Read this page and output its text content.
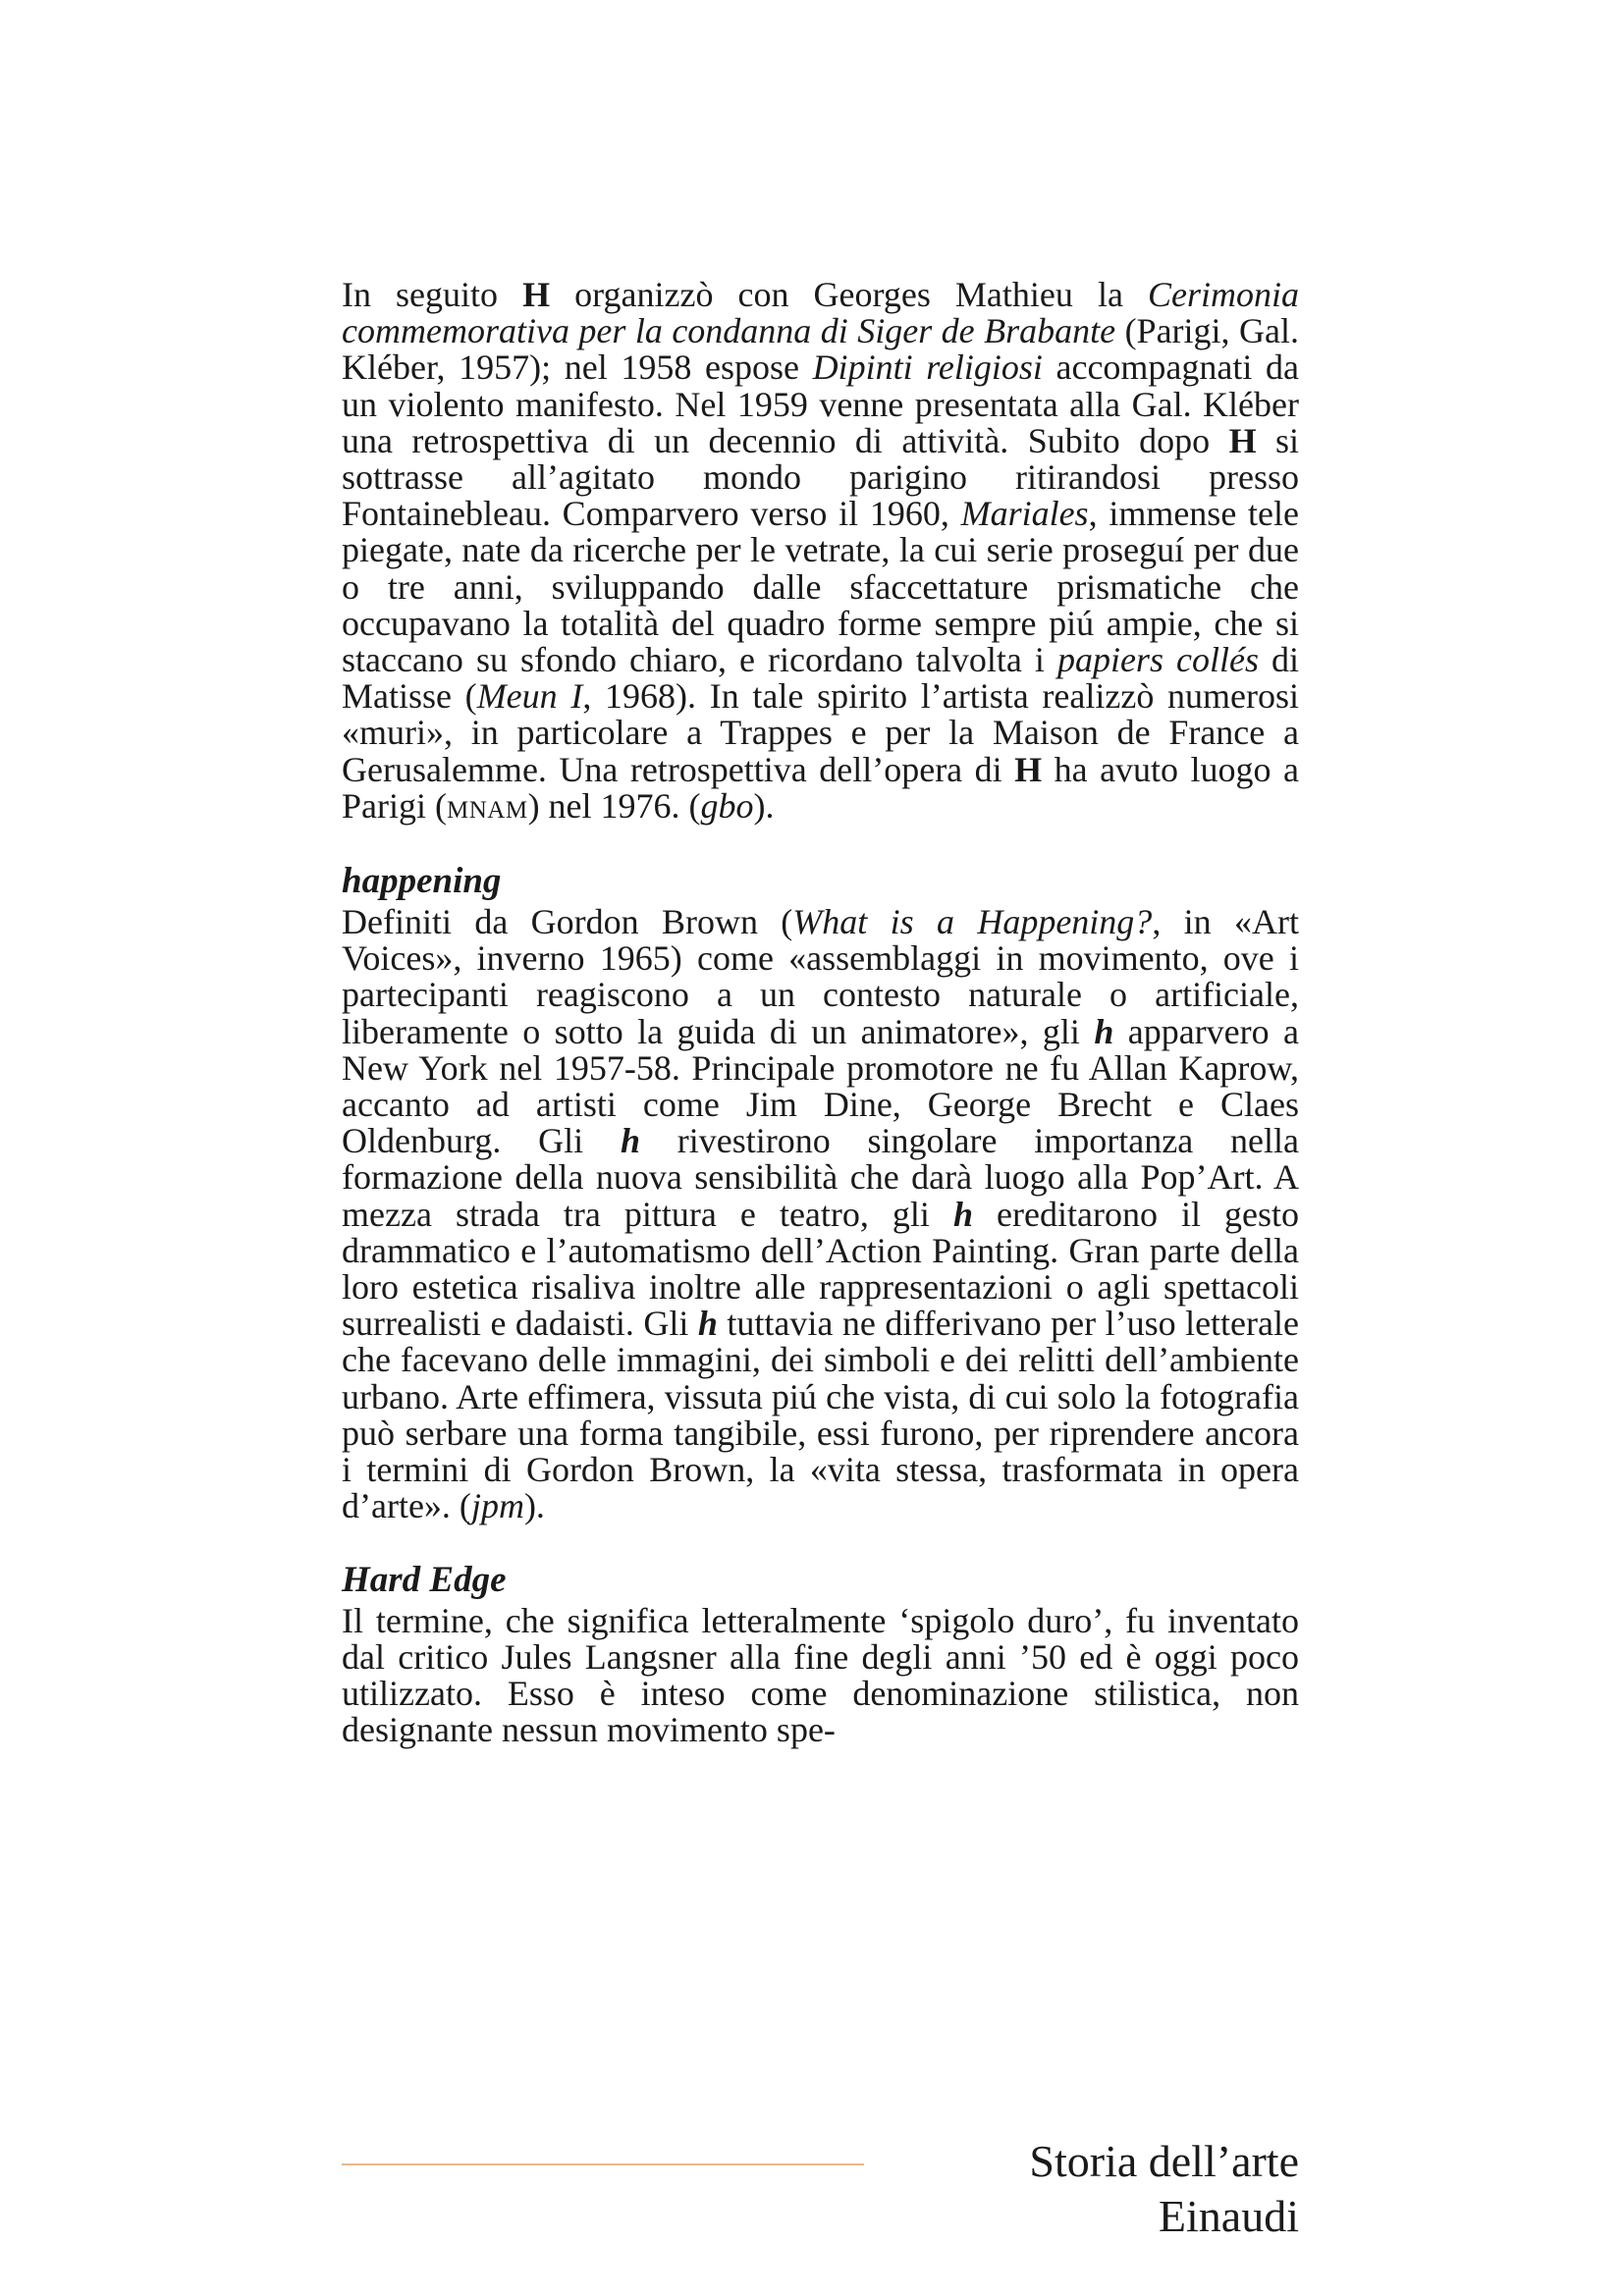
In seguito H organizzò con Georges Mathieu la Cerimonia commemorativa per la condanna di Siger de Brabante (Parigi, Gal. Kléber, 1957); nel 1958 espose Dipinti religiosi accompagnati da un violento manifesto. Nel 1959 venne presentata alla Gal. Kléber una retrospettiva di un decennio di attività. Subito dopo H si sottrasse all’agitato mondo parigino ritirandosi presso Fontainebleau. Comparvero verso il 1960, Mariales, immense tele piegate, nate da ricerche per le vetrate, la cui serie proseguí per due o tre anni, sviluppando dalle sfaccettature prismatiche che occupavano la totalità del quadro forme sempre piú ampie, che si staccano su sfondo chiaro, e ricordano talvolta i papiers collés di Matisse (Meun I, 1968). In tale spirito l’artista realizzò numerosi «muri», in particolare a Trappes e per la Maison de France a Gerusalemme. Una retrospettiva dell’opera di H ha avuto luogo a Parigi (mnam) nel 1976. (gbo).

happening

Definiti da Gordon Brown (What is a Happening?, in «Art Voices», inverno 1965) come «assemblaggi in movimento, ove i partecipanti reagiscono a un contesto naturale o artificiale, liberamente o sotto la guida di un animatore», gli h apparvero a New York nel 1957-58. Principale promotore ne fu Allan Kaprow, accanto ad artisti come Jim Dine, George Brecht e Claes Oldenburg. Gli h rivestirono singolare importanza nella formazione della nuova sensibilità che darà luogo alla Pop’Art. A mezza strada tra pittura e teatro, gli h ereditarono il gesto drammatico e l’automatismo dell’Action Painting. Gran parte della loro estetica risaliva inoltre alle rappresentazioni o agli spettacoli surrealisti e dadaisti. Gli h tuttavia ne differivano per l’uso letterale che facevano delle immagini, dei simboli e dei relitti dell’ambiente urbano. Arte effimera, vissuta piú che vista, di cui solo la fotografia può serbare una forma tangibile, essi furono, per riprendere ancora i termini di Gordon Brown, la «vita stessa, trasformata in opera d’arte». (jpm).

Hard Edge

Il termine, che significa letteralmente ‘spigolo duro’, fu inventato dal critico Jules Langsner alla fine degli anni ’50 ed è oggi poco utilizzato. Esso è inteso come denominazione stilistica, non designante nessun movimento spe-

Storia dell’arte Einaudi
